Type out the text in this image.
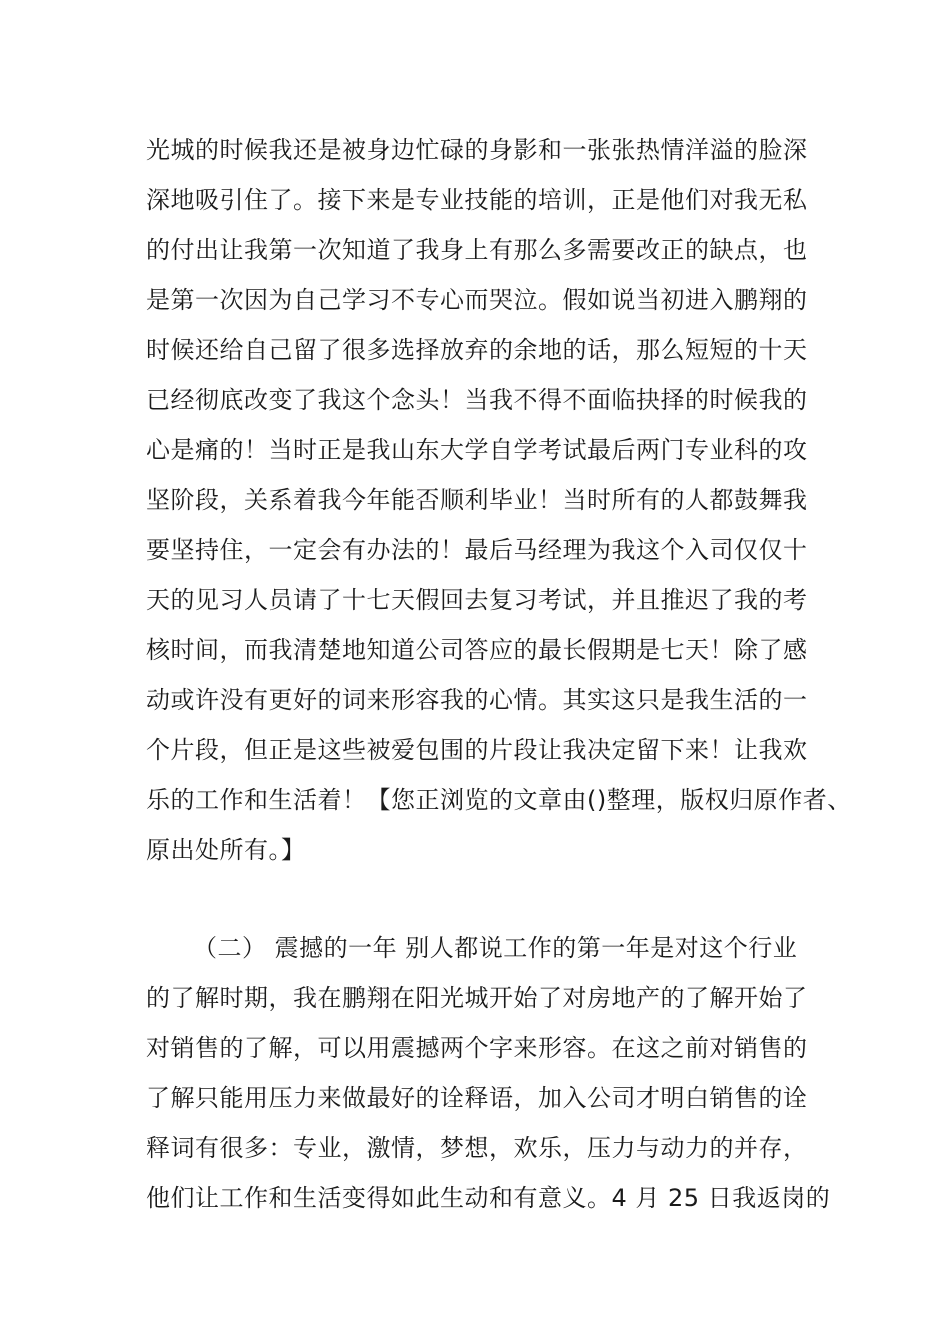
光城的时候我还是被身边忙碌的身影和一张张热情洋溢的脸深
深地吸引住了。接下来是专业技能的培训，正是他们对我无私
的付出让我第一次知道了我身上有那么多需要改正的缺点，也
是第一次因为自己学习不专心而哭泣。假如说当初进入鹏翔的
时候还给自己留了很多选择放弃的余地的话，那么短短的十天
已经彻底改变了我这个念头！当我不得不面临抉择的时候我的
心是痛的！当时正是我山东大学自学考试最后两门专业科的攻
坚阶段，关系着我今年能否顺利毕业！当时所有的人都鼓舞我
要坚持住，一定会有办法的！最后马经理为我这个入司仅仅十
天的见习人员请了十七天假回去复习考试，并且推迟了我的考
核时间，而我清楚地知道公司答应的最长假期是七天！除了感
动或许没有更好的词来形容我的心情。其实这只是我生活的一
个片段，但正是这些被爱包围的片段让我决定留下来！让我欢
乐的工作和生活着！【您正浏览的文章由()整理，版权归原作者、
原出处所有。】
（二） 震撼的一年 别人都说工作的第一年是对这个行业
的了解时期，我在鹏翔在阳光城开始了对房地产的了解开始了
对销售的了解，可以用震撼两个字来形容。在这之前对销售的
了解只能用压力来做最好的诠释语，加入公司才明白销售的诠
释词有很多：专业，激情，梦想，欢乐，压力与动力的并存，
他们让工作和生活变得如此生动和有意义。4 月 25 日我返岗的
